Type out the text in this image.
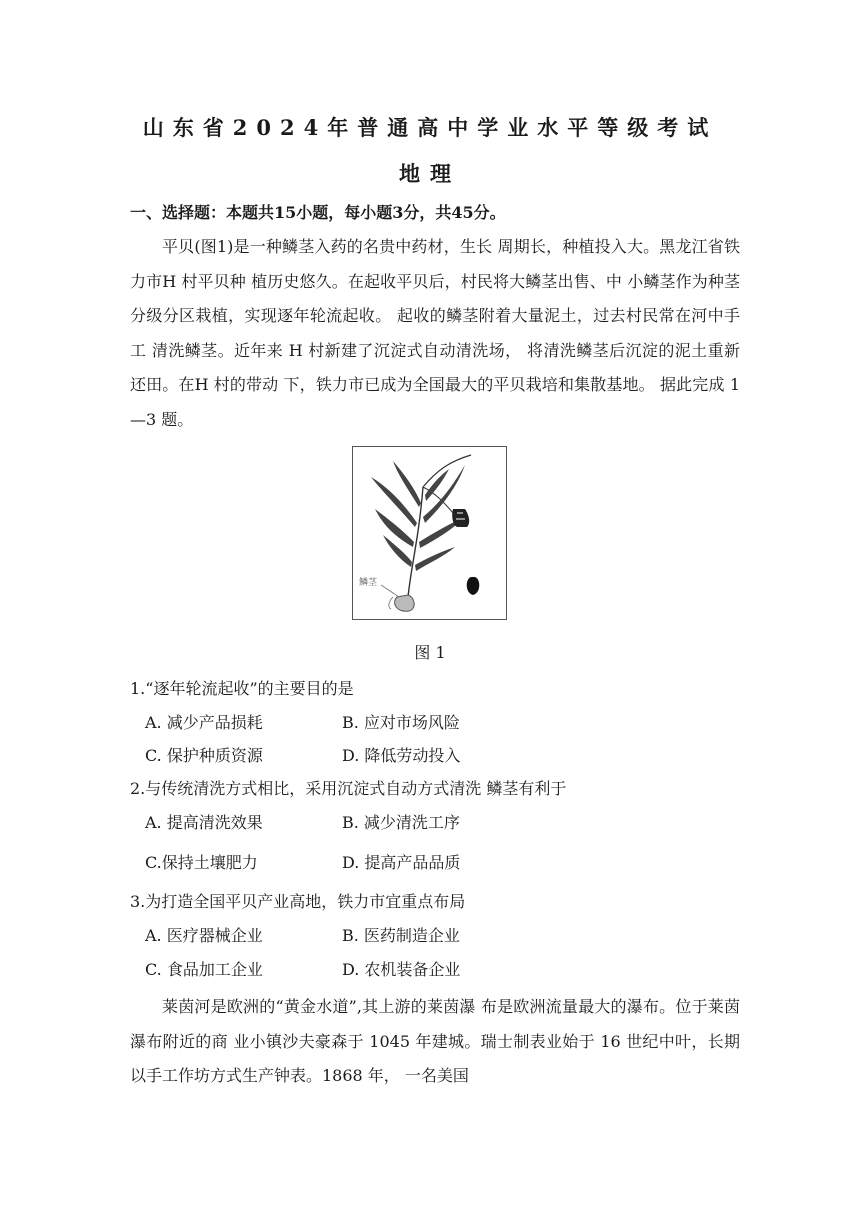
山东省2024年普通高中学业水平等级考试
地理
一、选择题：本题共15小题，每小题3分，共45分。
平贝(图1)是一种鳞茎入药的名贵中药材，生长 周期长，种植投入大。黑龙江省铁力市H 村平贝种 植历史悠久。在起收平贝后，村民将大鳞茎出售、中 小鳞茎作为种茎分级分区栽植，实现逐年轮流起收。 起收的鳞茎附着大量泥土，过去村民常在河中手工 清洗鳞茎。近年来 H 村新建了沉淀式自动清洗场， 将清洗鳞茎后沉淀的泥土重新还田。在H 村的带动 下，铁力市已成为全国最大的平贝栽培和集散基地。 据此完成 1—3 题。
鳞茎
图 1
1.“逐年轮流起收”的主要目的是
A. 减少产品损耗	B. 应对市场风险
C. 保护种质资源	D. 降低劳动投入
2.与传统清洗方式相比，采用沉淀式自动方式清洗 鳞茎有利于
A. 提高清洗效果	B. 减少清洗工序
C.保持土壤肥力	D. 提高产品品质
3.为打造全国平贝产业高地，铁力市宜重点布局
A. 医疗器械企业	B. 医药制造企业
C. 食品加工企业	D. 农机装备企业
莱茵河是欧洲的“黄金水道”,其上游的莱茵瀑 布是欧洲流量最大的瀑布。位于莱茵瀑布附近的商 业小镇沙夫豪森于 1045 年建城。瑞士制表业始于 16 世纪中叶，长期以手工作坊方式生产钟表。1868 年， 一名美国
